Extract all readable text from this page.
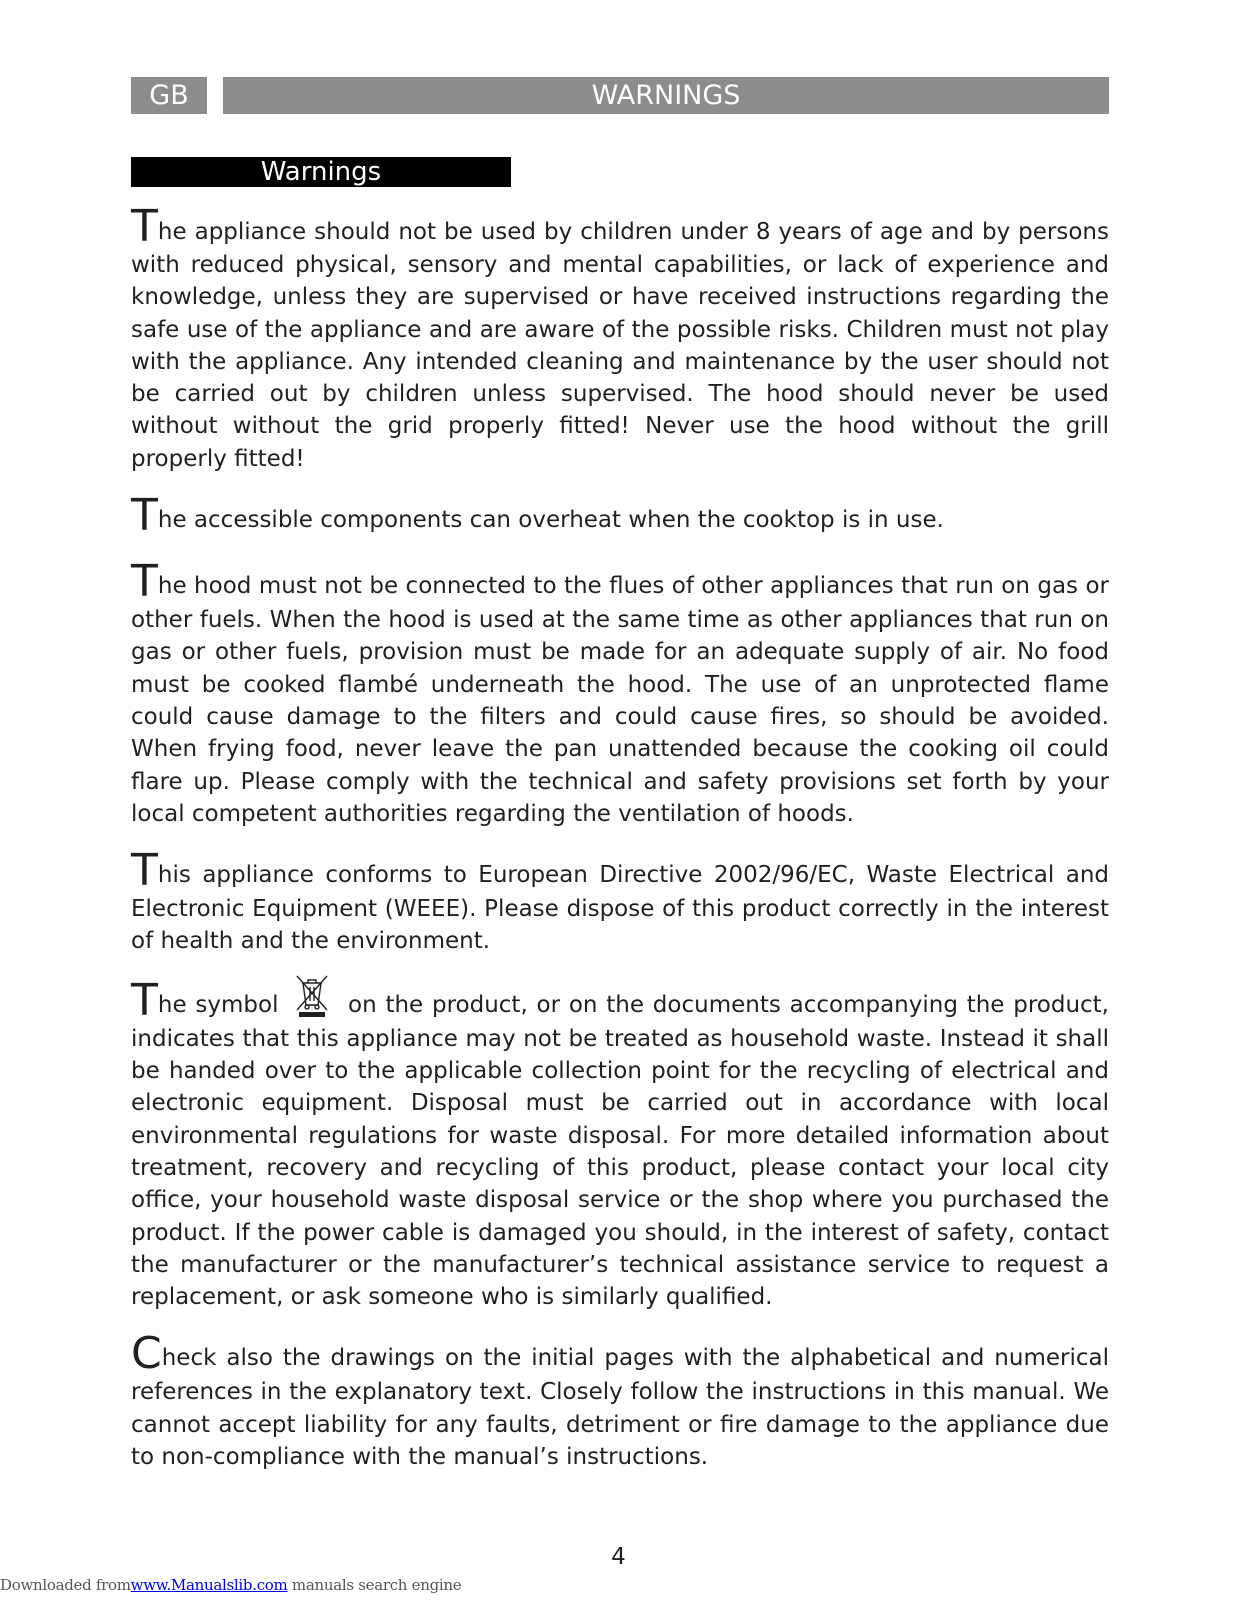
GB	WARNINGS
Warnings

The appliance should not be used by children under 8 years of age and by persons with reduced physical, sensory and mental capabilities, or lack of experience and knowledge, unless they are supervised or have received instructions regarding the safe use of the appliance and are aware of the possible risks. Children must not play with the appliance. Any intended cleaning and maintenance by the user should not be carried out by children unless supervised. The hood should never be used without without the grid properly fitted! Never use the hood without the grill properly fitted!

The accessible components can overheat when the cooktop is in use.

The hood must not be connected to the flues of other appliances that run on gas or other fuels. When the hood is used at the same time as other appliances that run on gas or other fuels, provision must be made for an adequate supply of air. No food must be cooked flambé underneath the hood. The use of an unprotected flame could cause damage to the filters and could cause fires, so should be avoided. When frying food, never leave the pan unattended because the cooking oil could flare up. Please comply with the technical and safety provisions set forth by your local competent authorities regarding the ventilation of hoods.

This appliance conforms to European Directive 2002/96/EC, Waste Electrical and Electronic Equipment (WEEE). Please dispose of this product correctly in the interest of health and the environment.

The symbol	on the product, or on the documents accompanying the product, indicates that this appliance may not be treated as household waste. Instead it shall be handed over to the applicable collection point for the recycling of electrical and electronic equipment. Disposal must be carried out in accordance with local environmental regulations for waste disposal. For more detailed information about treatment, recovery and recycling of this product, please contact your local city office, your household waste disposal service or the shop where you purchased the product. If the power cable is damaged you should, in the interest of safety, contact the manufacturer or the manufacturer’s technical assistance service to request a replacement, or ask someone who is similarly qualified.

Check also the drawings on the initial pages with the alphabetical and numerical references in the explanatory text. Closely follow the instructions in this manual. We cannot accept liability for any faults, detriment or fire damage to the appliance due to non-compliance with the manual’s instructions.

4
Downloaded fromwww.Manualslib.com manuals search engine
